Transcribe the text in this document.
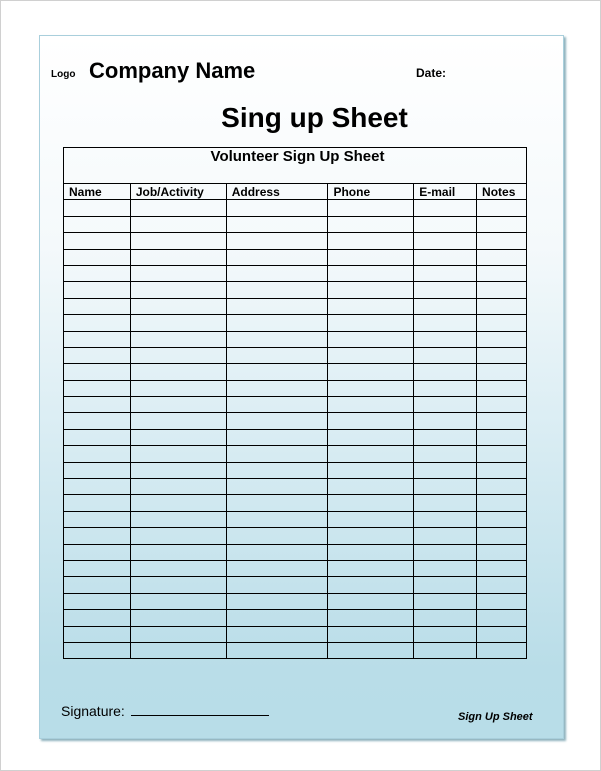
Logo Company Name	Date:
Sing up Sheet
Volunteer Sign Up Sheet					
Name	Job/Activity	Address	Phone	E-mail	Notes

Signature:	Sign Up Sheet
